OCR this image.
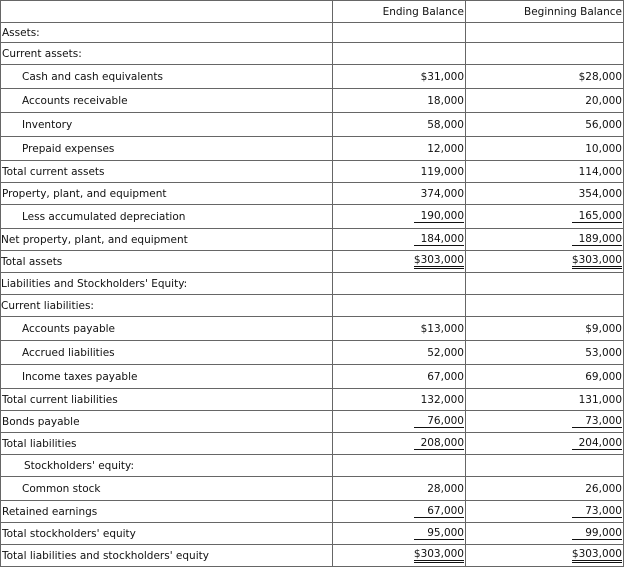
	Ending Balance	Beginning Balance
Assets:		
Current assets:		
Cash and cash equivalents	$31,000	$28,000
Accounts receivable	18,000	20,000
Inventory	58,000	56,000
Prepaid expenses	12,000	10,000
Total current assets	119,000	114,000
Property, plant, and equipment	374,000	354,000
Less accumulated depreciation	190,000	165,000
Net property, plant, and equipment	184,000	189,000
Total assets	$303,000	$303,000
Liabilities and Stockholders' Equity:		
Current liabilities:		
Accounts payable	$13,000	$9,000
Accrued liabilities	52,000	53,000
Income taxes payable	67,000	69,000
Total current liabilities	132,000	131,000
Bonds payable	76,000	73,000
Total liabilities	208,000	204,000
Stockholders' equity:		
Common stock	28,000	26,000
Retained earnings	67,000	73,000
Total stockholders' equity	95,000	99,000
Total liabilities and stockholders' equity	$303,000	$303,000
